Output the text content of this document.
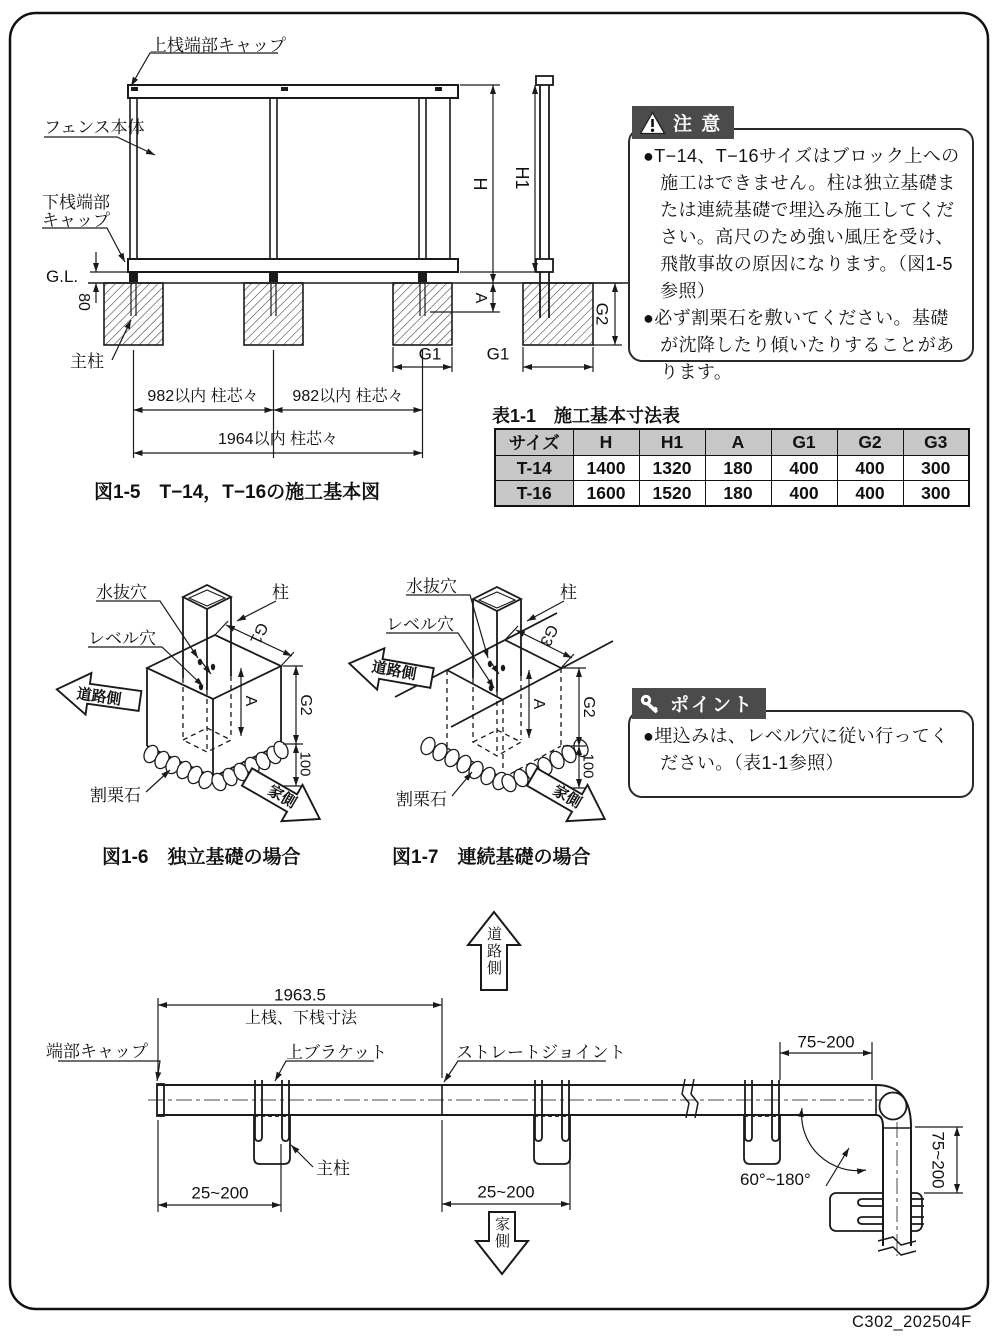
上桟端部キャップ
フェンス本体
下桟端部
キャップ
G.L.
80
主柱
H H1
A
G2
G1	G1
982以内 柱芯々 982以内 柱芯々
1964以内 柱芯々
図1-5　T−14，T−16の施工基本図

●T−14、T−16サイズはブロック上への施工はできません。柱は独立基礎または連続基礎で埋込み施工してください。高尺のため強い風圧を受け、飛散事故の原因になります。（図1-5参照）

●必ず割栗石を敷いてください。基礎が沈降したり傾いたりすることがあります。

注 意
表1-1　施工基本寸法表
サイズ	H	H1	A	G1	G2	G3
T-14	1400	1320	180	400	400	300
T-16	1600	1520	180	400	400	300
水抜穴	柱
レベル穴
割栗石
G1
G2
A
100
道路側
家側
図1-6　独立基礎の場合
水抜穴	柱
レベル穴
割栗石
G3
G2
A
100
道路側
家側
図1-7　連続基礎の場合

●埋込みは、レベル穴に従い行ってください。（表1-1参照）

ポイント
道路側
家側
1963.5
上桟、下桟寸法
端部キャップ	上ブラケット	ストレートジョイント
主柱
25~200	25~200
75~200
75~200
60°~180°
C302_202504F
